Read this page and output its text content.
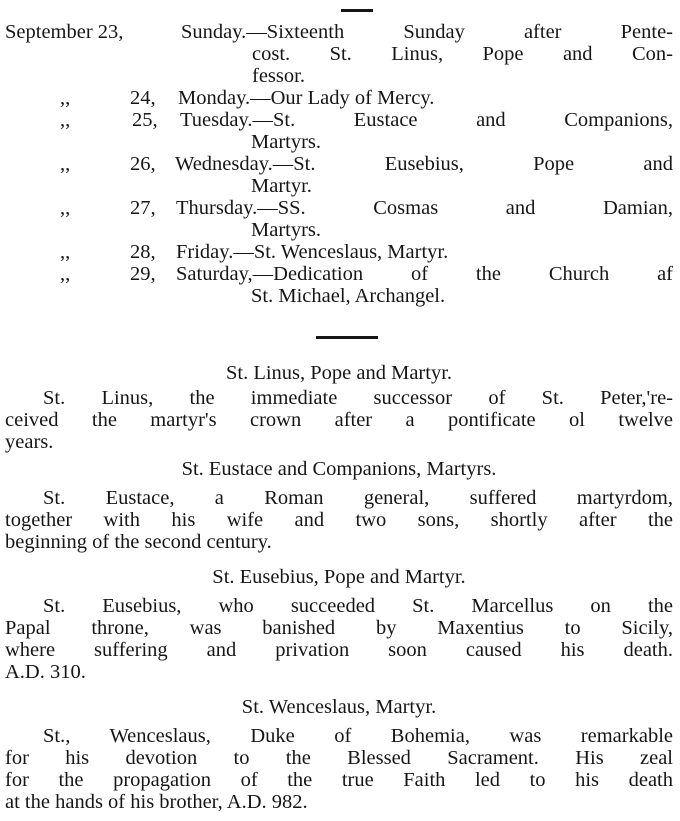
September 23,	Sunday.—Sixteenth Sunday after Pente-
cost. St. Linus, Pope and Con-
fessor.
,,	24, Monday.—Our Lady of Mercy.
,,	25, Tuesday.—St. Eustace and Companions,
Martyrs.
,,	26, Wednesday.—St. Eusebius, Pope and
Martyr.
,,	27, Thursday.—SS. Cosmas and Damian,
Martyrs.
,,	28, Friday.—St. Wenceslaus, Martyr.
,,	29, Saturday,—Dedication of the Church af
St. Michael, Archangel.
St. Linus, Pope and Martyr.
St. Linus, the immediate successor of St. Peter,'re-
ceived the martyr's crown after a pontificate ol twelve
years.
St. Eustace and Companions, Martyrs.
St. Eustace, a Roman general, suffered martyrdom,
together with his wife and two sons, shortly after the
beginning of the second century.
St. Eusebius, Pope and Martyr.
St. Eusebius, who succeeded St. Marcellus on the
Papal throne, was banished by Maxentius to Sicily,
where suffering and privation soon caused his death.
A.D. 310.
St. Wenceslaus, Martyr.
St., Wenceslaus, Duke of Bohemia, was remarkable
for his devotion to the Blessed Sacrament. His zeal
for the propagation of the true Faith led to his death
at the hands of his brother, A.D. 982.
